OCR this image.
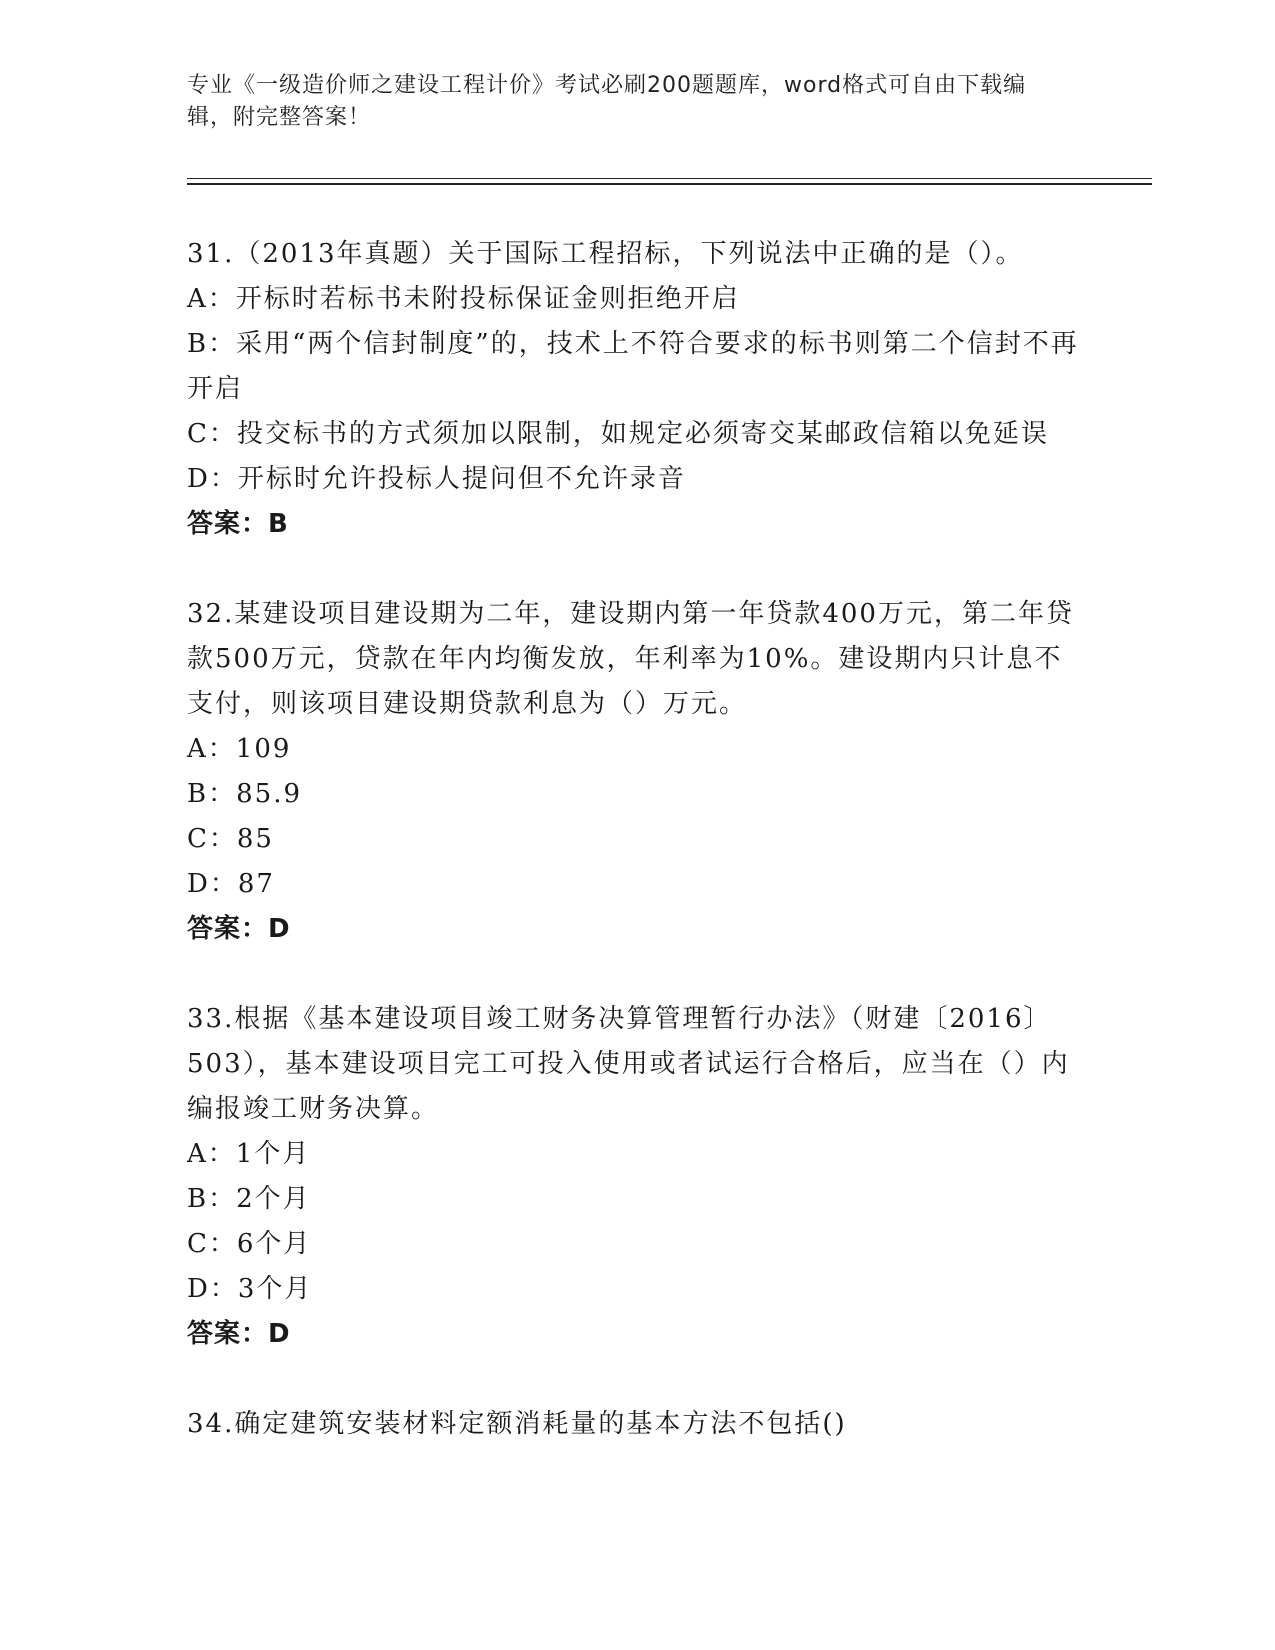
专业《一级造价师之建设工程计价》考试必刷200题题库，word格式可自由下载编辑，附完整答案！

31.（2013年真题）关于国际工程招标，下列说法中正确的是（）。

A：开标时若标书未附投标保证金则拒绝开启

B：采用“两个信封制度”的，技术上不符合要求的标书则第二个信封不再开启

C：投交标书的方式须加以限制，如规定必须寄交某邮政信箱以免延误

D：开标时允许投标人提问但不允许录音

答案：B

32.某建设项目建设期为二年，建设期内第一年贷款400万元，第二年贷款500万元，贷款在年内均衡发放，年利率为10%。建设期内只计息不支付，则该项目建设期贷款利息为（）万元。

A：109

B：85.9

C：85

D：87

答案：D

33.根据《基本建设项目竣工财务决算管理暂行办法》（财建〔2016〕503），基本建设项目完工可投入使用或者试运行合格后，应当在（）内编报竣工财务决算。

A：1个月

B：2个月

C：6个月

D：3个月

答案：D

34.确定建筑安装材料定额消耗量的基本方法不包括()
